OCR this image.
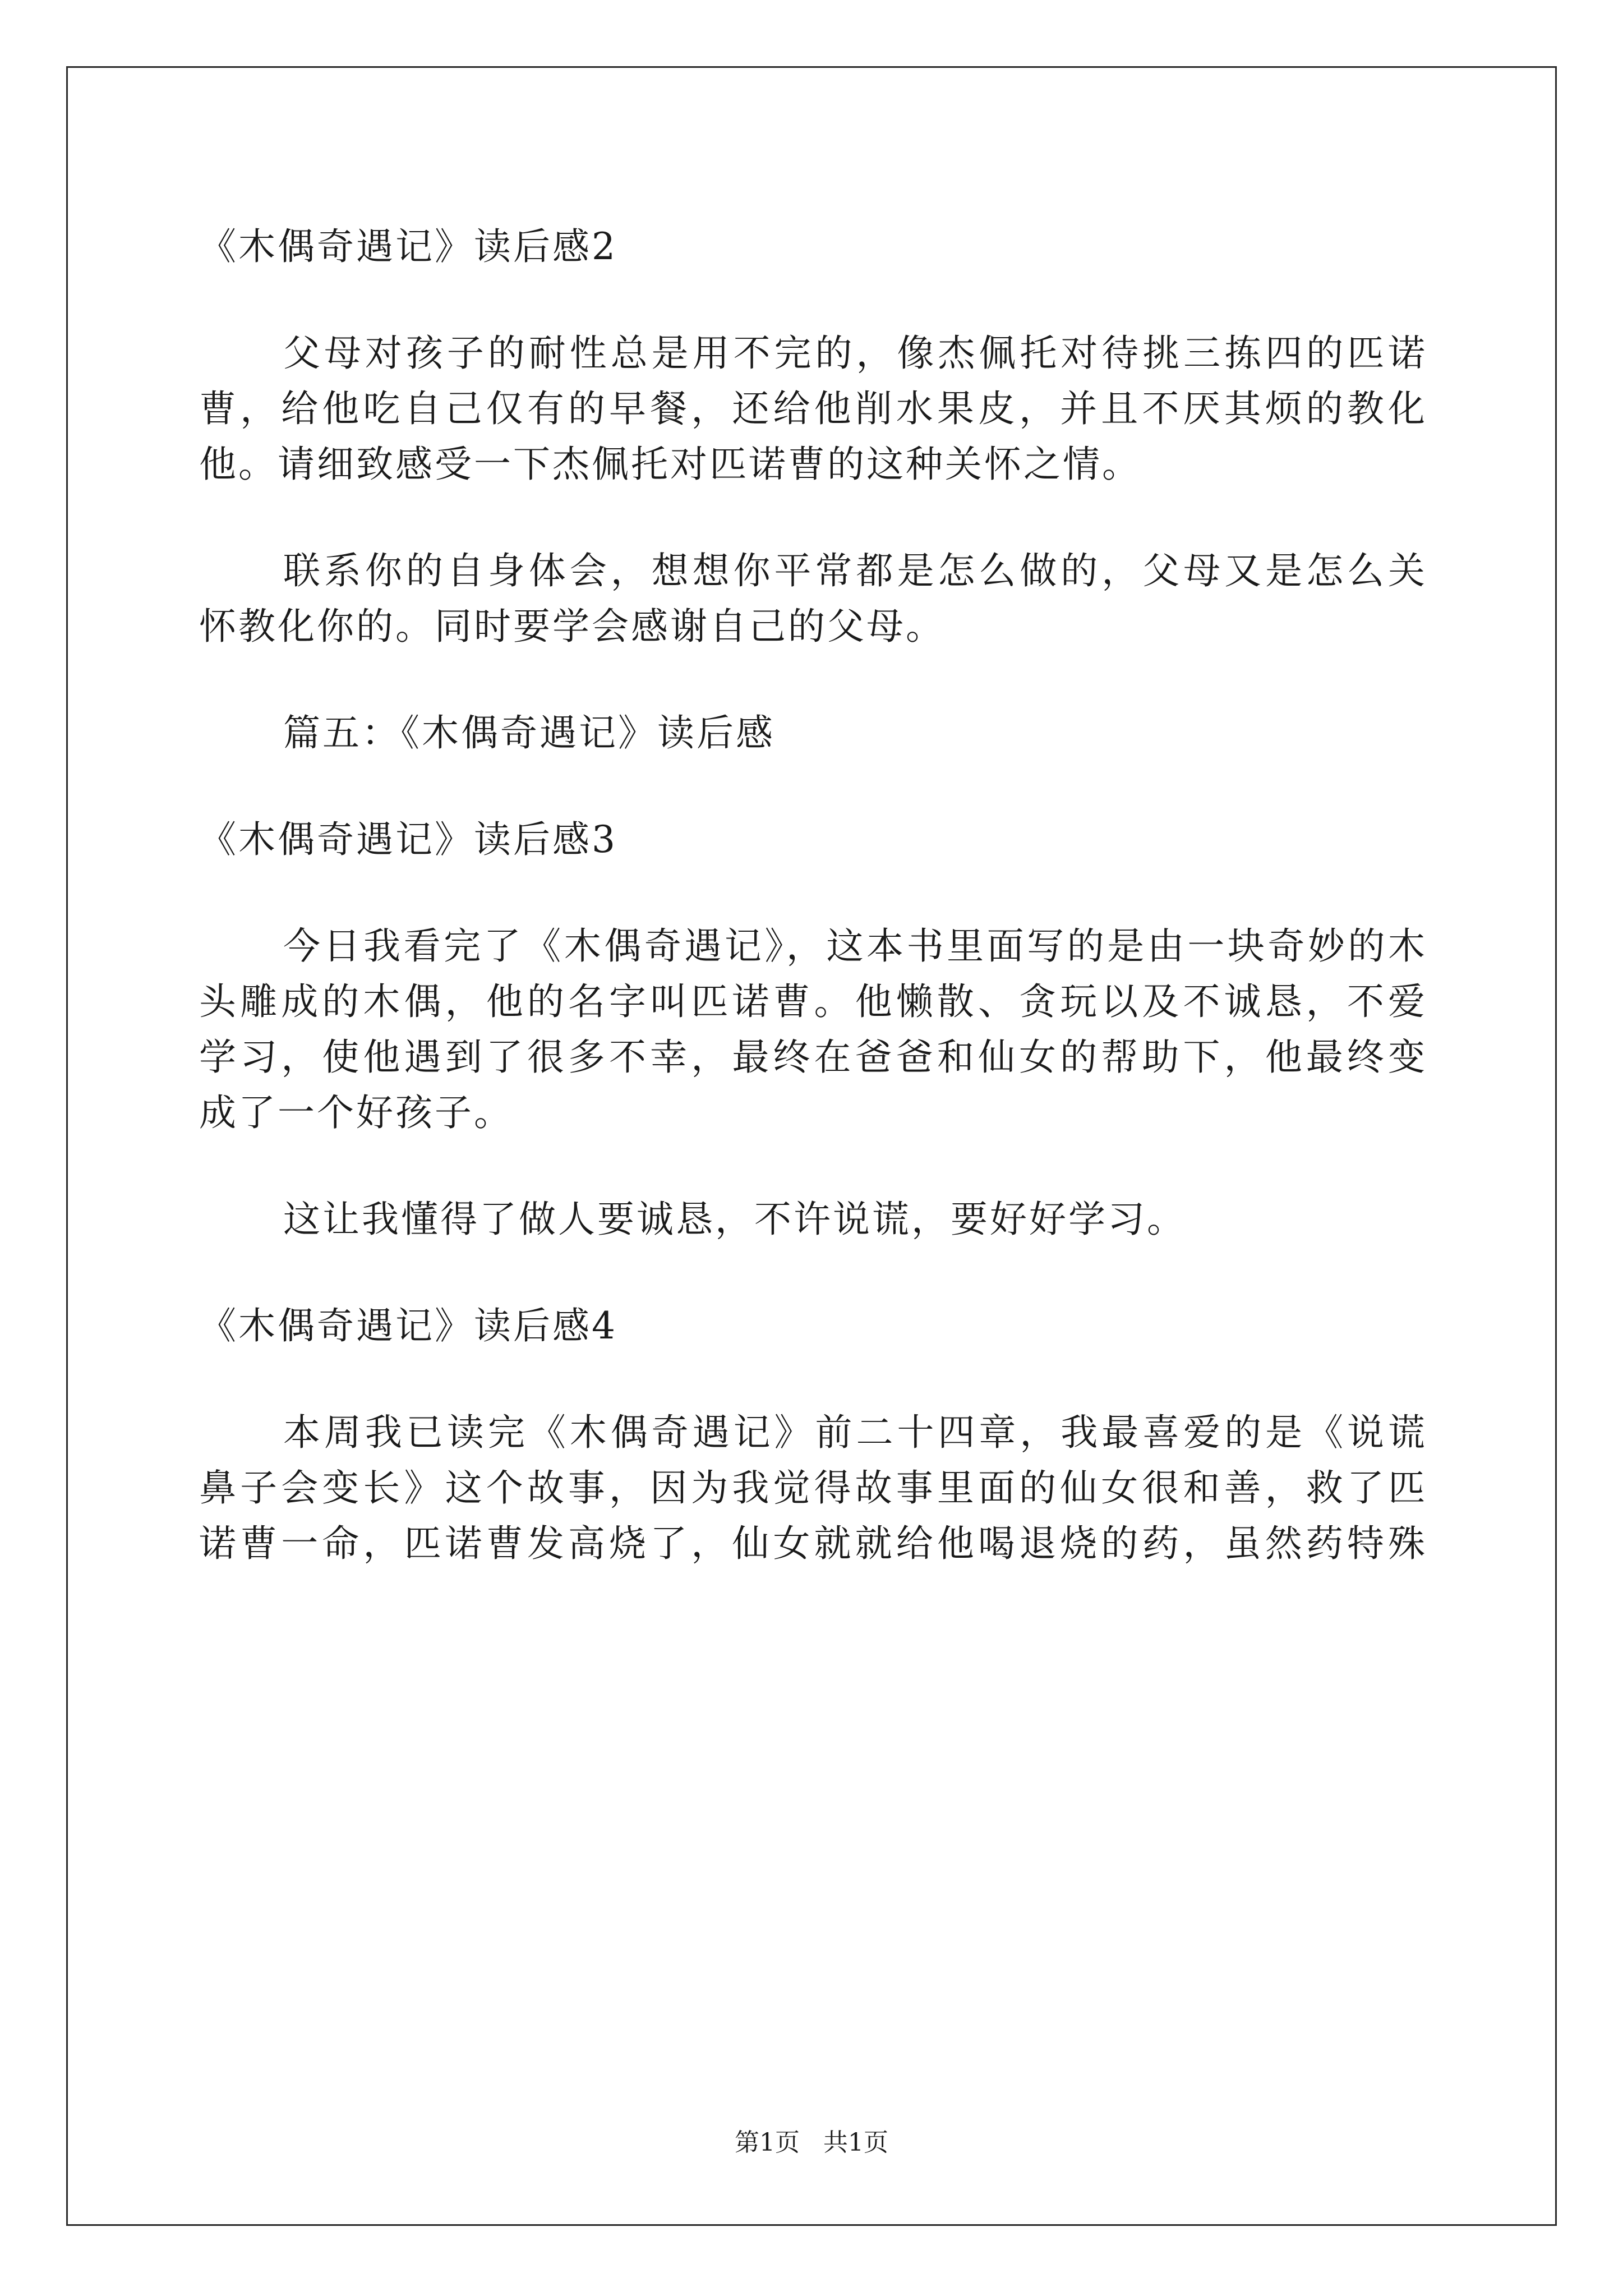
《木偶奇遇记》读后感2
父母对孩子的耐性总是用不完的，像杰佩托对待挑三拣四的匹诺
曹，给他吃自己仅有的早餐，还给他削水果皮，并且不厌其烦的教化
他。请细致感受一下杰佩托对匹诺曹的这种关怀之情。
联系你的自身体会，想想你平常都是怎么做的，父母又是怎么关
怀教化你的。同时要学会感谢自己的父母。
篇五：《木偶奇遇记》读后感
《木偶奇遇记》读后感3
今日我看完了《木偶奇遇记》，这本书里面写的是由一块奇妙的木
头雕成的木偶，他的名字叫匹诺曹。他懒散、贪玩以及不诚恳，不爱
学习，使他遇到了很多不幸，最终在爸爸和仙女的帮助下，他最终变
成了一个好孩子。
这让我懂得了做人要诚恳，不许说谎，要好好学习。
《木偶奇遇记》读后感4
本周我已读完《木偶奇遇记》前二十四章，我最喜爱的是《说谎
鼻子会变长》这个故事，因为我觉得故事里面的仙女很和善，救了匹
诺曹一命，匹诺曹发高烧了，仙女就就给他喝退烧的药，虽然药特殊
第1页 共1页
